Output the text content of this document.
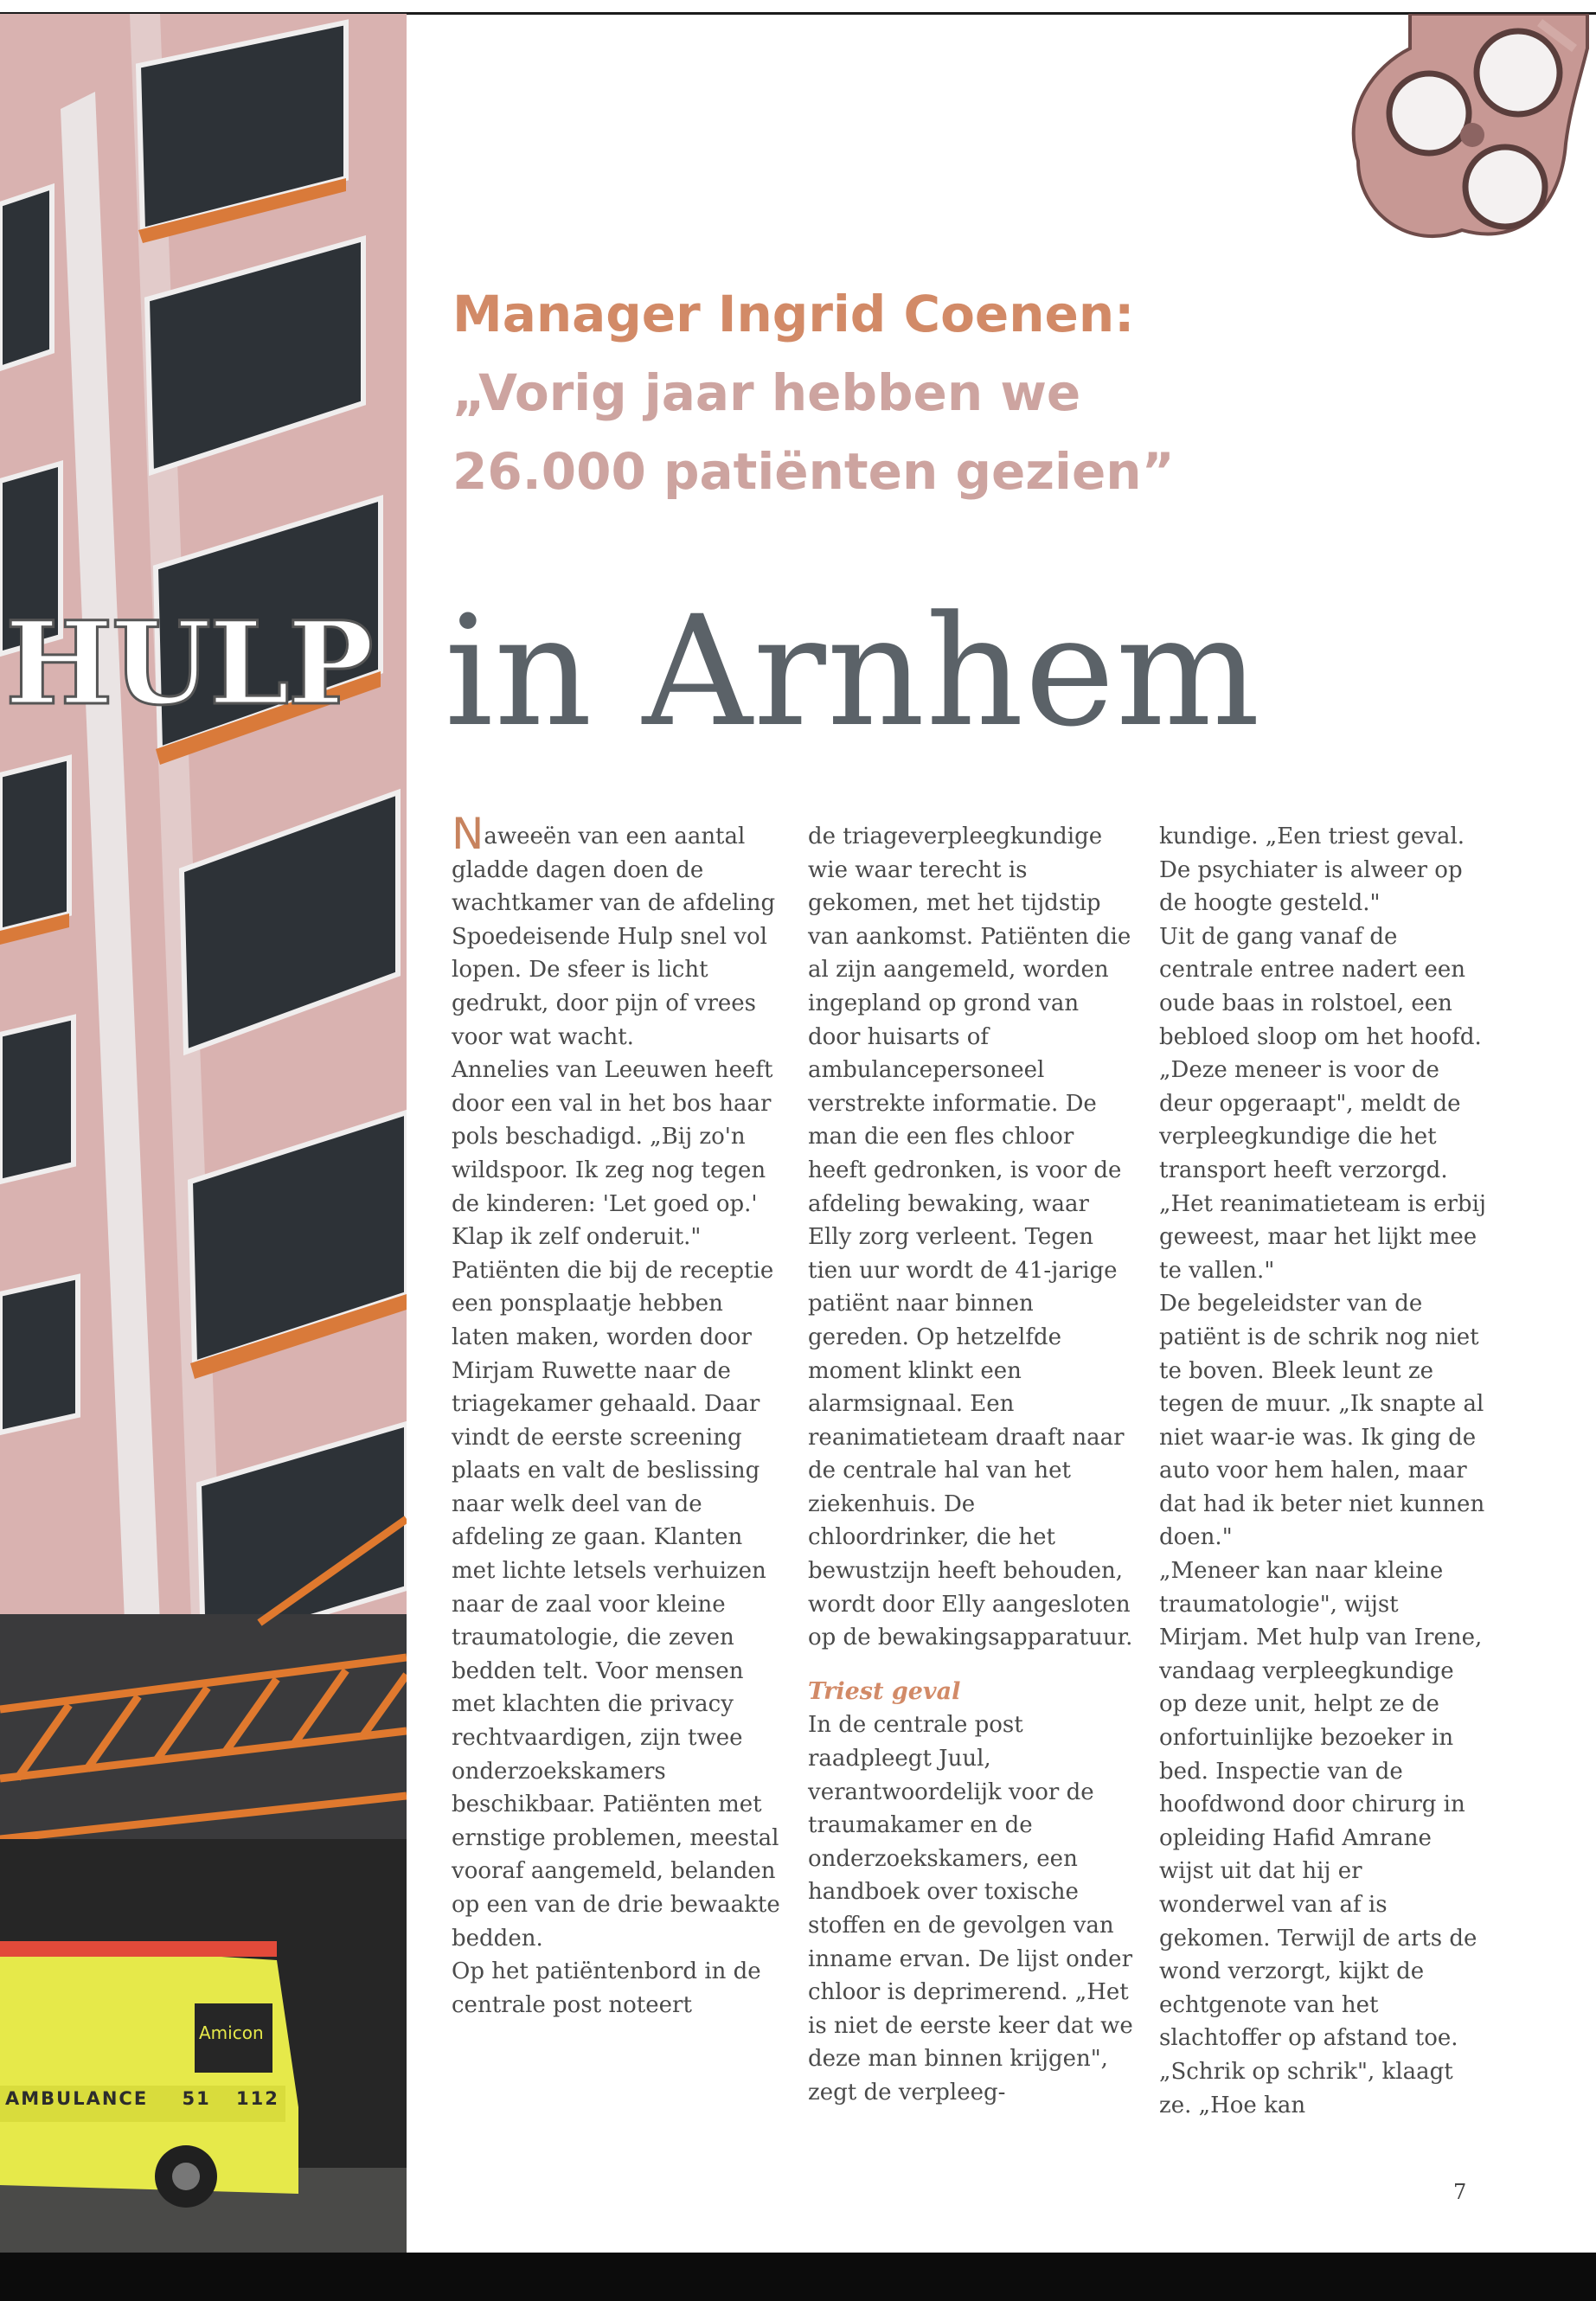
Amicon
AMBULANCE 51 112
Manager Ingrid Coenen:
„Vorig jaar hebben we
26.000 patiënten gezien”
HULP in Arnhem

Naweeën van een aantal gladde dagen doen de wachtkamer van de afdeling Spoedeisende Hulp snel vol lopen. De sfeer is licht gedrukt, door pijn of vrees voor wat wacht.

Annelies van Leeuwen heeft door een val in het bos haar pols beschadigd. „Bij zo'n wildspoor. Ik zeg nog tegen de kinderen: 'Let goed op.' Klap ik zelf onderuit."

Patiënten die bij de receptie een ponsplaatje hebben laten maken, worden door Mirjam Ruwette naar de triagekamer gehaald. Daar vindt de eerste screening plaats en valt de beslissing naar welk deel van de afdeling ze gaan. Klanten met lichte letsels verhuizen naar de zaal voor kleine traumatologie, die zeven bedden telt. Voor mensen met klachten die privacy rechtvaardigen, zijn twee onderzoekskamers beschikbaar. Patiënten met ernstige problemen, meestal vooraf aangemeld, belanden op een van de drie bewaakte bedden.

Op het patiëntenbord in de centrale post noteert

de triageverpleegkundige wie waar terecht is gekomen, met het tijdstip van aankomst. Patiënten die al zijn aangemeld, worden ingepland op grond van door huisarts of ambulancepersoneel verstrekte informatie. De man die een fles chloor heeft gedronken, is voor de afdeling bewaking, waar Elly zorg verleent. Tegen tien uur wordt de 41-jarige patiënt naar binnen gereden. Op hetzelfde moment klinkt een alarmsignaal. Een reanimatieteam draaft naar de centrale hal van het ziekenhuis. De chloordrinker, die het bewustzijn heeft behouden, wordt door Elly aangesloten op de bewakingsapparatuur.

Triest geval

In de centrale post raadpleegt Juul, verantwoordelijk voor de traumakamer en de onderzoekskamers, een handboek over toxische stoffen en de gevolgen van inname ervan. De lijst onder chloor is deprimerend. „Het is niet de eerste keer dat we deze man binnen krijgen", zegt de verpleeg-

kundige. „Een triest geval. De psychiater is alweer op de hoogte gesteld."

Uit de gang vanaf de centrale entree nadert een oude baas in rolstoel, een bebloed sloop om het hoofd. „Deze meneer is voor de deur opgeraapt", meldt de verpleegkundige die het transport heeft verzorgd. „Het reanimatieteam is erbij geweest, maar het lijkt mee te vallen."

De begeleidster van de patiënt is de schrik nog niet te boven. Bleek leunt ze tegen de muur. „Ik snapte al niet waar-ie was. Ik ging de auto voor hem halen, maar dat had ik beter niet kunnen doen."

„Meneer kan naar kleine traumatologie", wijst Mirjam. Met hulp van Irene, vandaag verpleegkundige op deze unit, helpt ze de onfortuinlijke bezoeker in bed. Inspectie van de hoofdwond door chirurg in opleiding Hafid Amrane wijst uit dat hij er wonderwel van af is gekomen. Terwijl de arts de wond verzorgt, kijkt de echtgenote van het slachtoffer op afstand toe. „Schrik op schrik", klaagt ze. „Hoe kan

7
